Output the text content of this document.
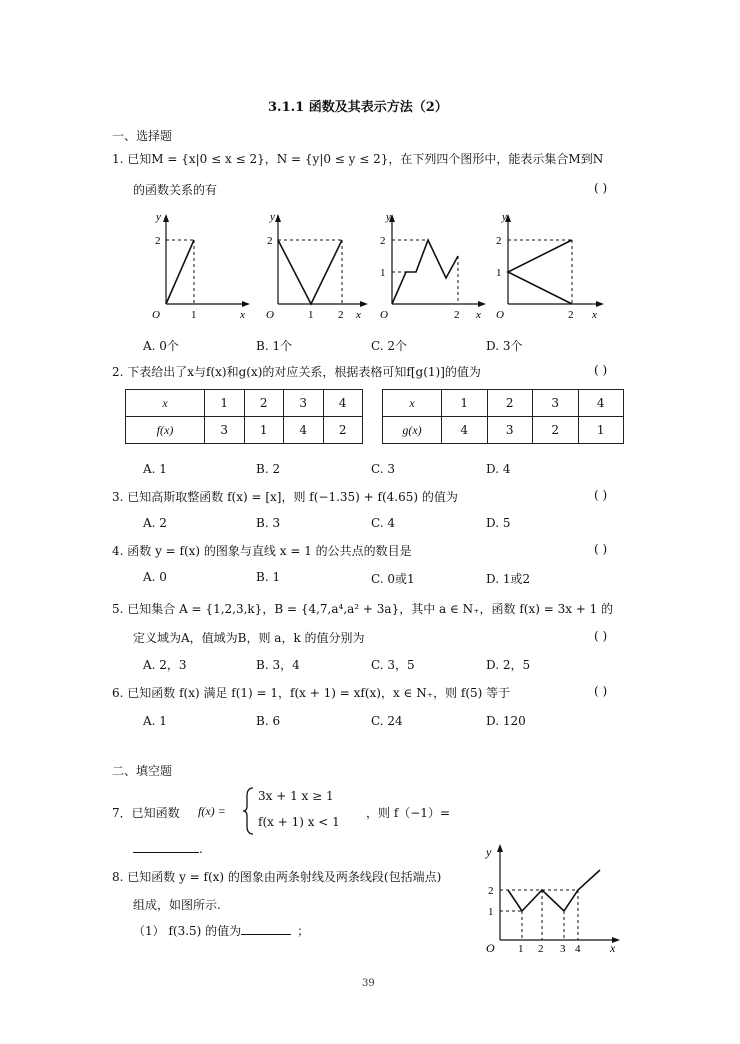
3.1.1 函数及其表示方法（2）
一、选择题
1. 已知M = {x|0 ≤ x ≤ 2}，N = {y|0 ≤ y ≤ 2}，在下列四个图形中，能表示集合M到N
的函数关系的有	( )
y
2
O	1	x
y
2
O	1 2 x
y
2
1
O	2 x
y
2
1
O	2 x
A. 0个	B. 1个	C. 2个	D. 3个
2. 下表给出了x与f(x)和g(x)的对应关系，根据表格可知f[g(1)]的值为	( )
x	1	2	3	4
f(x)	3	1	4	2
x	1	2	3	4
g(x)	4	3	2	1
A. 1	B. 2	C. 3	D. 4
3. 已知高斯取整函数 f(x) = [x]，则 f(−1.35) + f(4.65) 的值为	( )
A. 2	B. 3	C. 4	D. 5
4. 函数 y = f(x) 的图象与直线 x = 1 的公共点的数目是	( )
A. 0	B. 1	C. 0或1	D. 1或2
5. 已知集合 A = {1,2,3,k}，B = {4,7,a⁴,a² + 3a}，其中 a ∈ N₊，函数 f(x) = 3x + 1 的
定义域为A，值域为B，则 a，k 的值分别为	( )
A. 2，3	B. 3，4	C. 3，5	D. 2，5
6. 已知函数 f(x) 满足 f(1) = 1，f(x + 1) = xf(x)，x ∈ N₊，则 f(5) 等于	( )
A. 1	B. 6	C. 24	D. 120
二、填空题
7．已知函数 f(x) =
3x + 1 x ≥ 1
f(x + 1) x < 1
，则 f（−1）=
.
8. 已知函数 y = f(x) 的图象由两条射线及两条线段(包括端点)
组成，如图所示.
（1） f(3.5) 的值为	；
y
2
1
O 1 2 3 4 x
39
